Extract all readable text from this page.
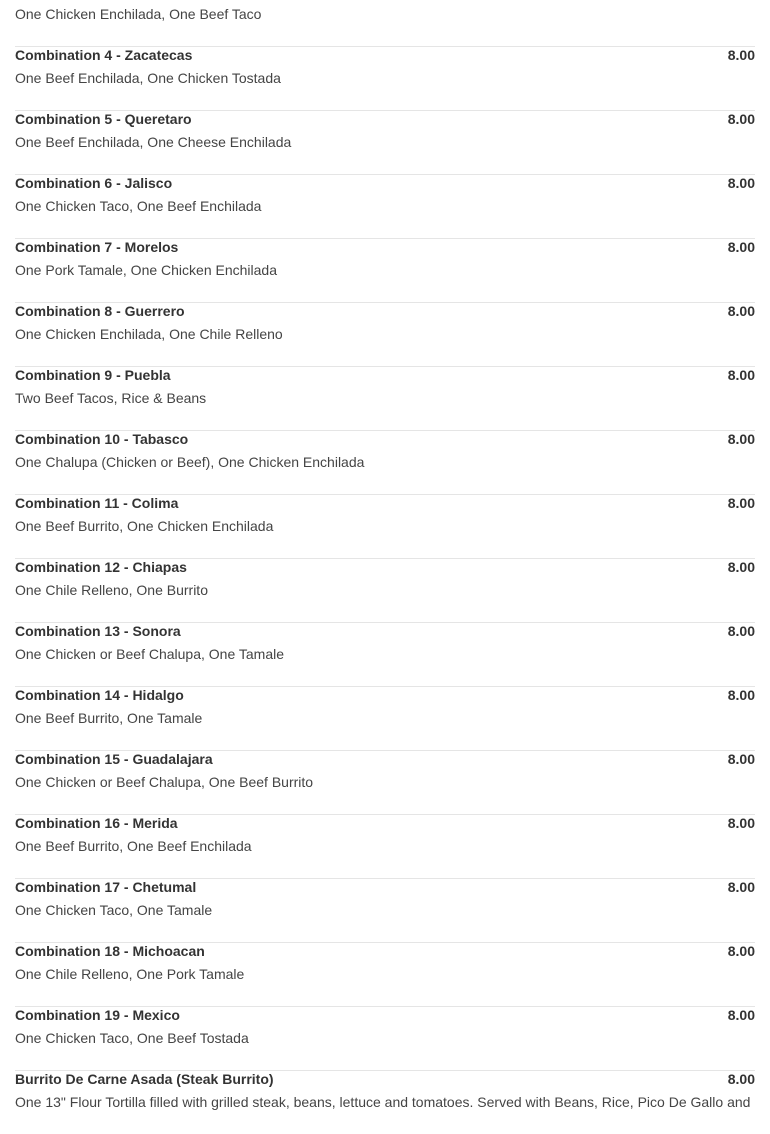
One Chicken Enchilada, One Beef Taco
Combination 4 - Zacatecas	8.00
One Beef Enchilada, One Chicken Tostada
Combination 5 - Queretaro	8.00
One Beef Enchilada, One Cheese Enchilada
Combination 6 - Jalisco	8.00
One Chicken Taco, One Beef Enchilada
Combination 7 - Morelos	8.00
One Pork Tamale, One Chicken Enchilada
Combination 8 - Guerrero	8.00
One Chicken Enchilada, One Chile Relleno
Combination 9 - Puebla	8.00
Two Beef Tacos, Rice & Beans
Combination 10 - Tabasco	8.00
One Chalupa (Chicken or Beef), One Chicken Enchilada
Combination 11 - Colima	8.00
One Beef Burrito, One Chicken Enchilada
Combination 12 - Chiapas	8.00
One Chile Relleno, One Burrito
Combination 13 - Sonora	8.00
One Chicken or Beef Chalupa, One Tamale
Combination 14 - Hidalgo	8.00
One Beef Burrito, One Tamale
Combination 15 - Guadalajara	8.00
One Chicken or Beef Chalupa, One Beef Burrito
Combination 16 - Merida	8.00
One Beef Burrito, One Beef Enchilada
Combination 17 - Chetumal	8.00
One Chicken Taco, One Tamale
Combination 18 - Michoacan	8.00
One Chile Relleno, One Pork Tamale
Combination 19 - Mexico	8.00
One Chicken Taco, One Beef Tostada
Burrito De Carne Asada (Steak Burrito)	8.00
One 13" Flour Tortilla filled with grilled steak, beans, lettuce and tomatoes. Served with Beans, Rice, Pico De Gallo and
